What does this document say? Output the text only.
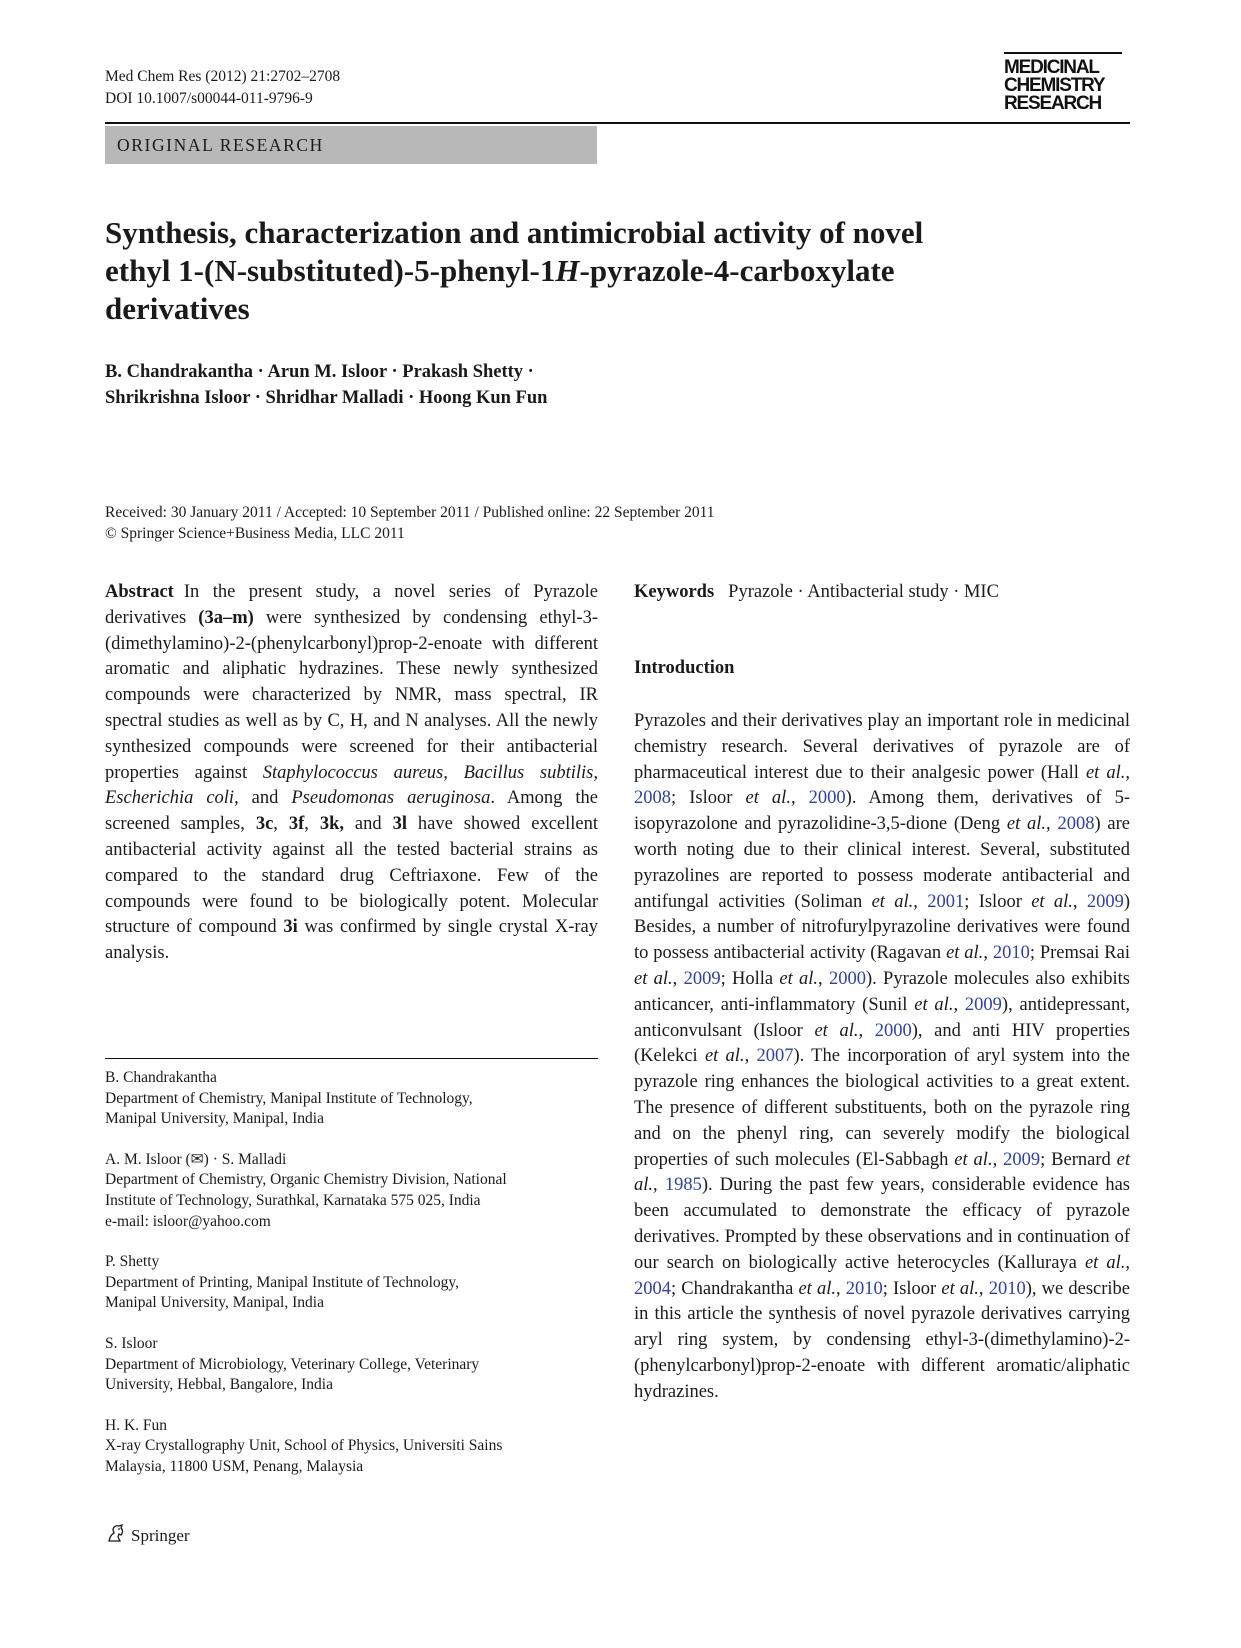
Med Chem Res (2012) 21:2702–2708
DOI 10.1007/s00044-011-9796-9
MEDICINAL
CHEMISTRY
RESEARCH
ORIGINAL RESEARCH
Synthesis, characterization and antimicrobial activity of novel
ethyl 1-(N-substituted)-5-phenyl-1H-pyrazole-4-carboxylate
derivatives
B. Chandrakantha · Arun M. Isloor · Prakash Shetty ·
Shrikrishna Isloor · Shridhar Malladi · Hoong Kun Fun
Received: 30 January 2011 / Accepted: 10 September 2011 / Published online: 22 September 2011
© Springer Science+Business Media, LLC 2011
Abstract In the present study, a novel series of Pyrazole derivatives (3a–m) were synthesized by condensing ethyl-3-(dimethylamino)-2-(phenylcarbonyl)prop-2-enoate with different aromatic and aliphatic hydrazines. These newly synthesized compounds were characterized by NMR, mass spectral, IR spectral studies as well as by C, H, and N analyses. All the newly synthesized compounds were screened for their antibacterial properties against Staphylococcus aureus, Bacillus subtilis, Escherichia coli, and Pseudomonas aeruginosa. Among the screened samples, 3c, 3f, 3k, and 3l have showed excellent antibacterial activity against all the tested bacterial strains as compared to the standard drug Ceftriaxone. Few of the compounds were found to be biologically potent. Molecular structure of compound 3i was confirmed by single crystal X-ray analysis.
B. Chandrakantha
Department of Chemistry, Manipal Institute of Technology,
Manipal University, Manipal, India
A. M. Isloor (✉) · S. Malladi
Department of Chemistry, Organic Chemistry Division, National
Institute of Technology, Surathkal, Karnataka 575 025, India
e-mail: isloor@yahoo.com
P. Shetty
Department of Printing, Manipal Institute of Technology,
Manipal University, Manipal, India
S. Isloor
Department of Microbiology, Veterinary College, Veterinary
University, Hebbal, Bangalore, India
H. K. Fun
X-ray Crystallography Unit, School of Physics, Universiti Sains
Malaysia, 11800 USM, Penang, Malaysia
Keywords Pyrazole · Antibacterial study · MIC
Introduction
Pyrazoles and their derivatives play an important role in medicinal chemistry research. Several derivatives of pyrazole are of pharmaceutical interest due to their analgesic power (Hall et al., 2008; Isloor et al., 2000). Among them, derivatives of 5-isopyrazolone and pyrazolidine-3,5-dione (Deng et al., 2008) are worth noting due to their clinical interest. Several, substituted pyrazolines are reported to possess moderate antibacterial and antifungal activities (Soliman et al., 2001; Isloor et al., 2009) Besides, a number of nitrofurylpyrazoline derivatives were found to possess antibacterial activity (Ragavan et al., 2010; Premsai Rai et al., 2009; Holla et al., 2000). Pyrazole molecules also exhibits anticancer, anti-inflammatory (Sunil et al., 2009), antidepressant, anticonvulsant (Isloor et al., 2000), and anti HIV properties (Kelekci et al., 2007). The incorporation of aryl system into the pyrazole ring enhances the biological activities to a great extent. The presence of different substituents, both on the pyrazole ring and on the phenyl ring, can severely modify the biological properties of such molecules (El-Sabbagh et al., 2009; Bernard et al., 1985). During the past few years, considerable evidence has been accumulated to demonstrate the efficacy of pyrazole derivatives. Prompted by these observations and in continuation of our search on biologically active heterocycles (Kalluraya et al., 2004; Chandrakantha et al., 2010; Isloor et al., 2010), we describe in this article the synthesis of novel pyrazole derivatives carrying aryl ring system, by condensing ethyl-3-(dimethylamino)-2-(phenylcarbonyl)prop-2-enoate with different aromatic/aliphatic hydrazines.
Springer
